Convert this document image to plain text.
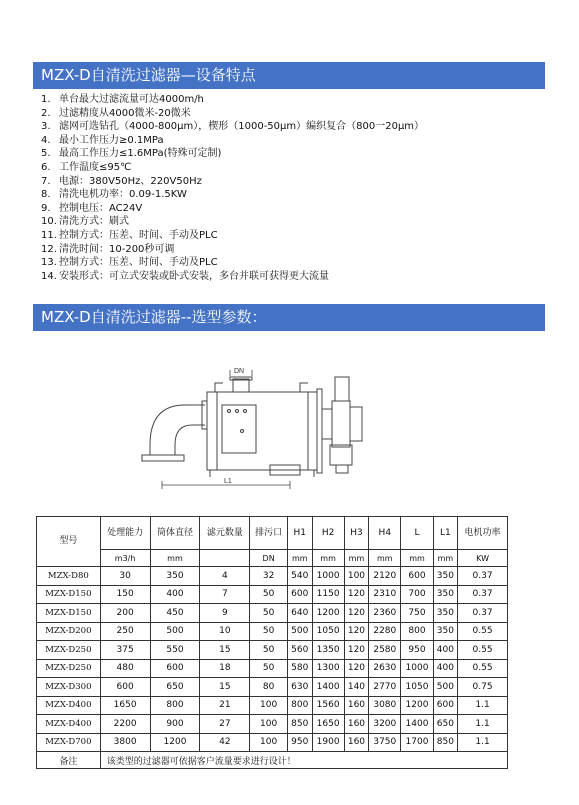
MZX-D自清洗过滤器—设备特点
1. 单台最大过滤流量可达4000m/h
2. 过滤精度从4000微米-20微米
3. 滤网可选钻孔（4000-800μm），楔形（1000-50μm）编织复合（800一20μm）
4. 最小工作压力≥0.1MPa
5. 最高工作压力≤1.6MPa(特殊可定制)
6. 工作温度≤95℃
7. 电源：380V50Hz、220V50Hz
8. 清洗电机功率：0.09-1.5KW
9. 控制电压：AC24V
10. 清洗方式：刷式
11. 控制方式：压差、时间、手动及PLC
12. 清洗时间：10-200秒可调
13. 控制方式：压差、时间、手动及PLC
14. 安装形式：可立式安装或卧式安装，多台并联可获得更大流量
MZX-D自清洗过滤器--选型参数：
DN
L1
型号	处理能力	筒体直径	滤元数量	排污口	H1	H2	H3	H4	L	L1	电机功率
	m3/h	mm		DN	mm	mm	mm	mm	mm	mm	KW
MZX-D80	30	350	4	32	540	1000	100	2120	600	350	0.37
MZX-D150	150	400	7	50	600	1150	120	2310	700	350	0.37
MZX-D150	200	450	9	50	640	1200	120	2360	750	350	0.37
MZX-D200	250	500	10	50	500	1050	120	2280	800	350	0.55
MZX-D250	375	550	15	50	560	1350	120	2580	950	400	0.55
MZX-D250	480	600	18	50	580	1300	120	2630	1000	400	0.55
MZX-D300	600	650	15	80	630	1400	140	2770	1050	500	0.75
MZX-D400	1650	800	21	100	800	1560	160	3080	1200	600	1.1
MZX-D400	2200	900	27	100	850	1650	160	3200	1400	650	1.1
MZX-D700	3800	1200	42	100	950	1900	160	3750	1700	850	1.1
备注	该类型的过滤器可依据客户流量要求进行设计！										
